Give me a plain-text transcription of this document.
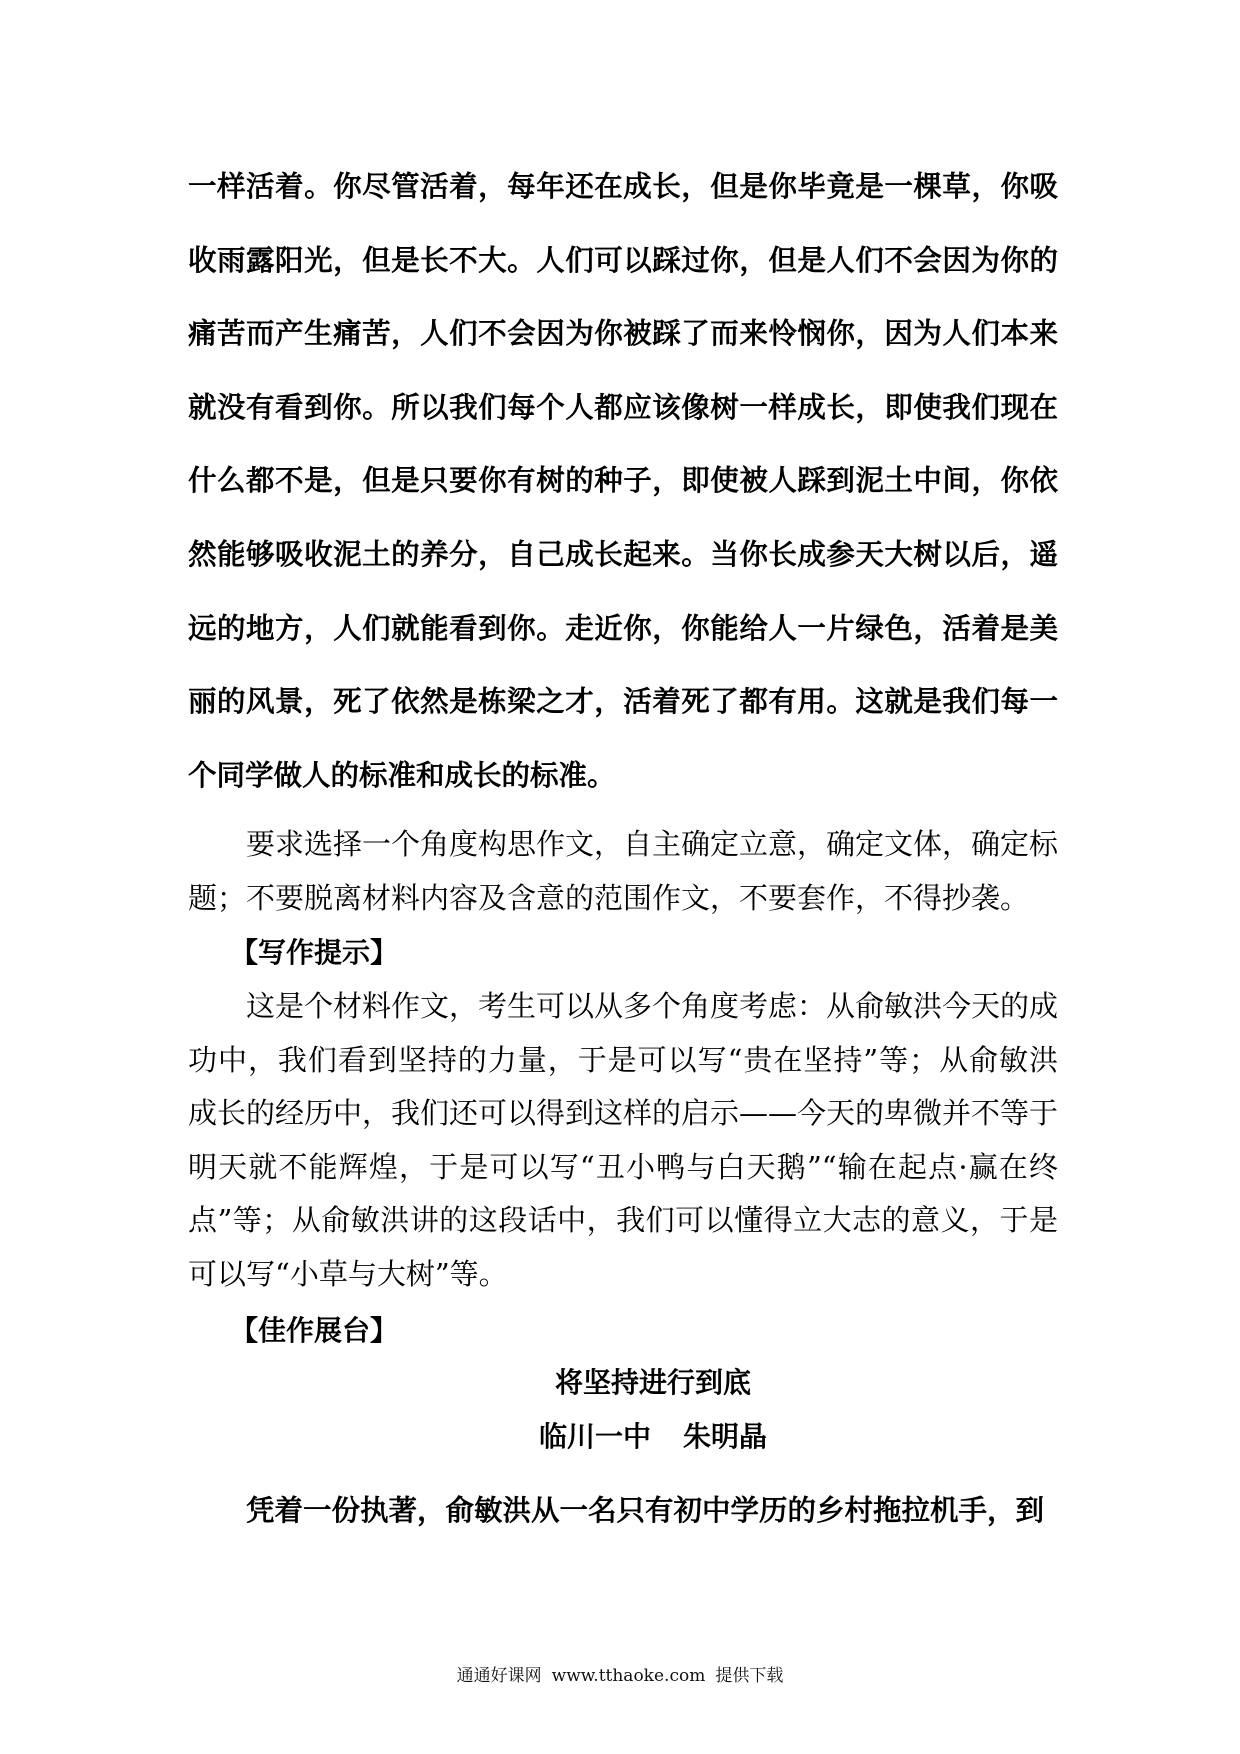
一样活着。你尽管活着，每年还在成长，但是你毕竟是一棵草，你吸收雨露阳光，但是长不大。人们可以踩过你，但是人们不会因为你的痛苦而产生痛苦，人们不会因为你被踩了而来怜悯你，因为人们本来就没有看到你。所以我们每个人都应该像树一样成长，即使我们现在什么都不是，但是只要你有树的种子，即使被人踩到泥土中间，你依然能够吸收泥土的养分，自己成长起来。当你长成参天大树以后，遥远的地方，人们就能看到你。走近你，你能给人一片绿色，活着是美丽的风景，死了依然是栋梁之才，活着死了都有用。这就是我们每一个同学做人的标准和成长的标准。

要求选择一个角度构思作文，自主确定立意，确定文体，确定标题；不要脱离材料内容及含意的范围作文，不要套作，不得抄袭。

【写作提示】

这是个材料作文，考生可以从多个角度考虑：从俞敏洪今天的成功中，我们看到坚持的力量，于是可以写“贵在坚持”等；从俞敏洪成长的经历中，我们还可以得到这样的启示——今天的卑微并不等于明天就不能辉煌，于是可以写“丑小鸭与白天鹅”“输在起点·赢在终点”等；从俞敏洪讲的这段话中，我们可以懂得立大志的意义，于是可以写“小草与大树”等。

【佳作展台】

将坚持进行到底

临川一中 朱明晶

凭着一份执著，俞敏洪从一名只有初中学历的乡村拖拉机手，到

通通好课网 www.tthaoke.com 提供下载
